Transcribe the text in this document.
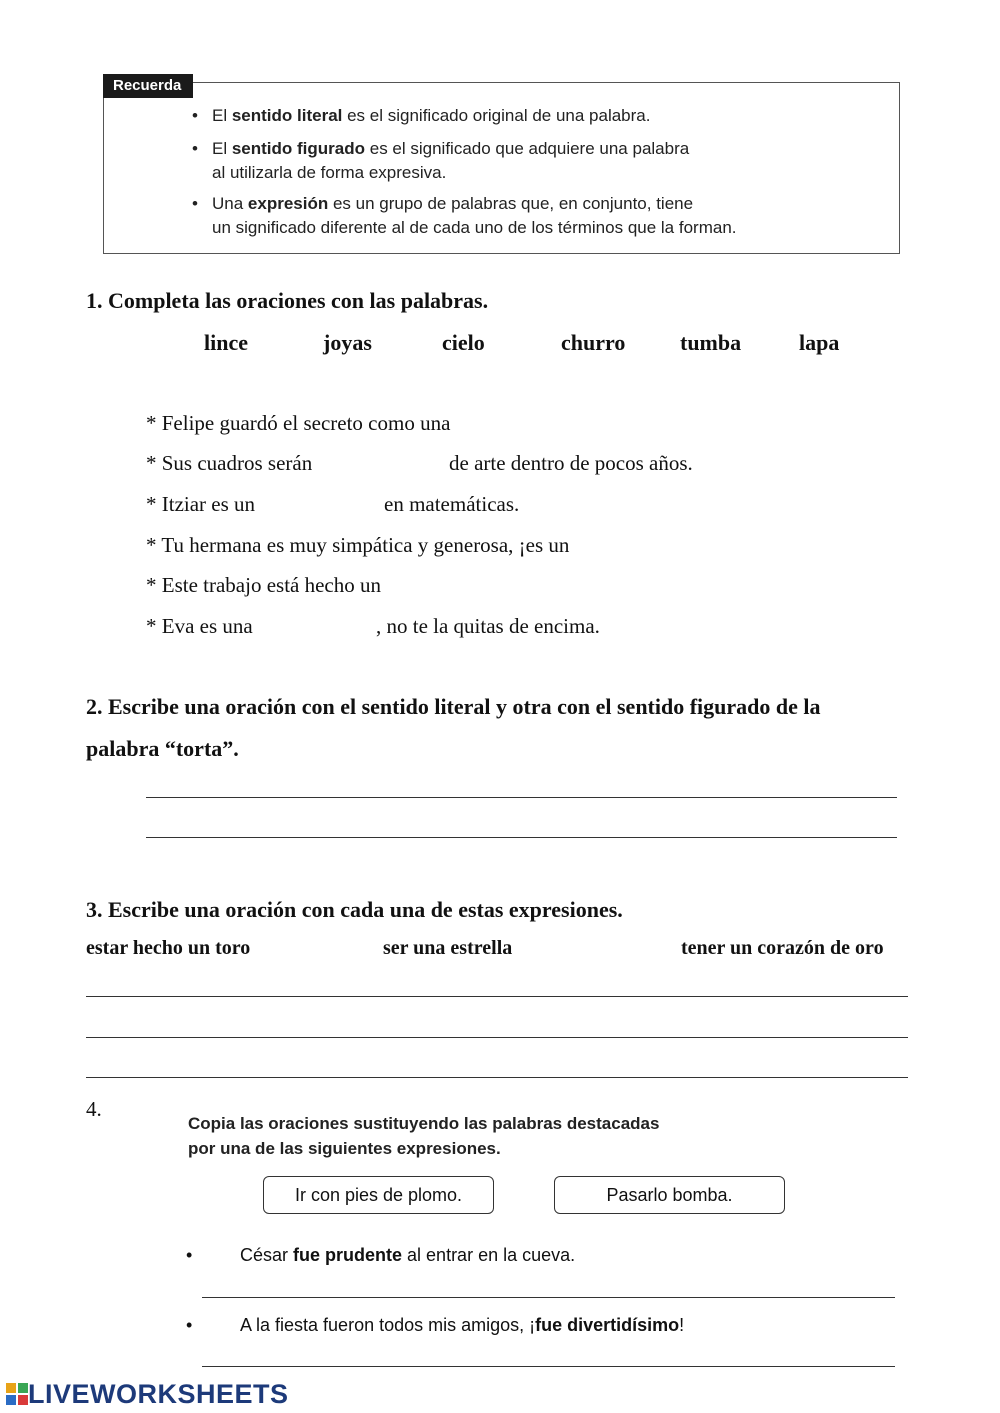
Recuerda
• El sentido literal es el significado original de una palabra.
• El sentido figurado es el significado que adquiere una palabra
al utilizarla de forma expresiva.
• Una expresión es un grupo de palabras que, en conjunto, tiene
un significado diferente al de cada uno de los términos que la forman.
1. Completa las oraciones con las palabras.
lince	joyas	cielo	churro tumba	lapa
* Felipe guardó el secreto como una
* Sus cuadros serán	de arte dentro de pocos años.
* Itziar es un	en matemáticas.
* Tu hermana es muy simpática y generosa, ¡es un
* Este trabajo está hecho un
* Eva es una	, no te la quitas de encima.
2. Escribe una oración con el sentido literal y otra con el sentido figurado de la
palabra “torta”.
3. Escribe una oración con cada una de estas expresiones.
estar hecho un toro	ser una estrella	tener un corazón de oro
4.
Copia las oraciones sustituyendo las palabras destacadas
por una de las siguientes expresiones.
Ir con pies de plomo.	Pasarlo bomba.
•	César fue prudente al entrar en la cueva.
•	A la fiesta fueron todos mis amigos, ¡fue divertidísimo!
LIVEWORKSHEETS
